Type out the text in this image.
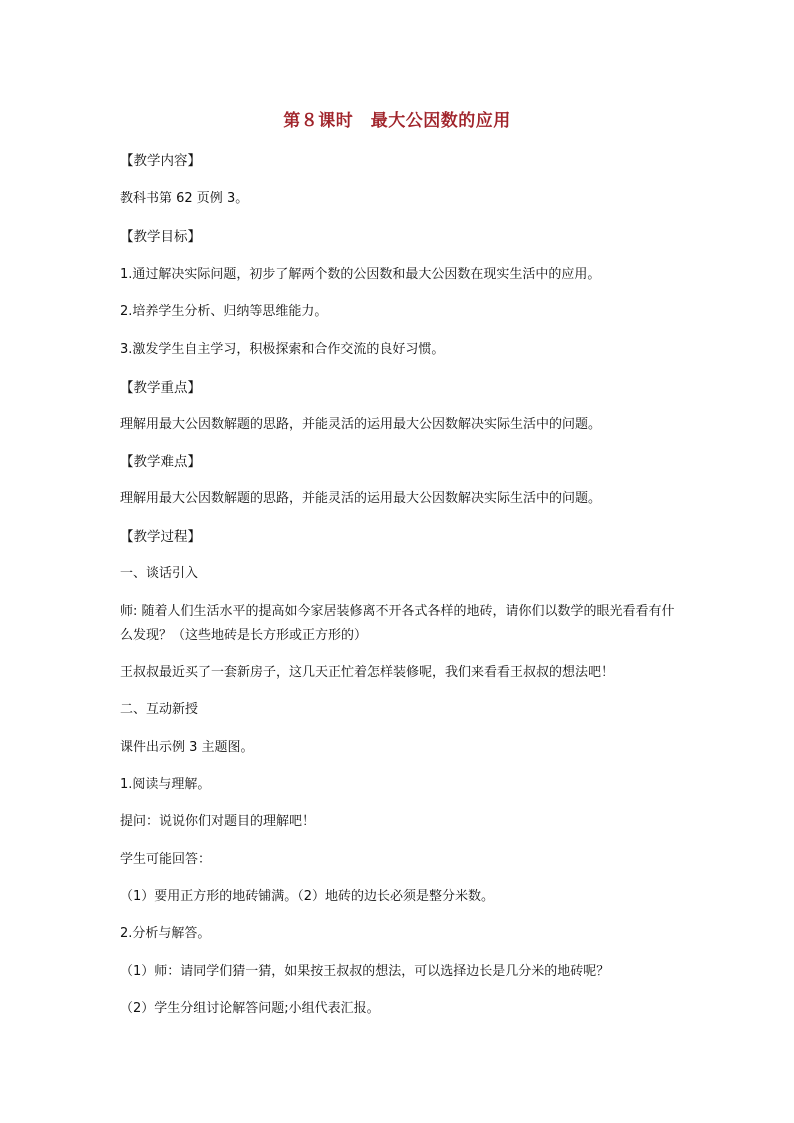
第８课时　最大公因数的应用
【教学内容】
教科书第 62 页例 3。
【教学目标】
1.通过解决实际问题，初步了解两个数的公因数和最大公因数在现实生活中的应用。
2.培养学生分析、归纳等思维能力。
3.激发学生自主学习，积极探索和合作交流的良好习惯。
【教学重点】
理解用最大公因数解题的思路，并能灵活的运用最大公因数解决实际生活中的问题。
【教学难点】
理解用最大公因数解题的思路，并能灵活的运用最大公因数解决实际生活中的问题。
【教学过程】
一、谈话引入
师: 随着人们生活水平的提高如今家居装修离不开各式各样的地砖，请你们以数学的眼光看看有什么发现？（这些地砖是长方形或正方形的）
王叔叔最近买了一套新房子，这几天正忙着怎样装修呢，我们来看看王叔叔的想法吧！
二、互动新授
课件出示例 3 主题图。
1.阅读与理解。
提问：说说你们对题目的理解吧！
学生可能回答：
（1）要用正方形的地砖铺满。（2）地砖的边长必须是整分米数。
2.分析与解答。
（1）师：请同学们猜一猜，如果按王叔叔的想法，可以选择边长是几分米的地砖呢？
（2）学生分组讨论解答问题;小组代表汇报。
